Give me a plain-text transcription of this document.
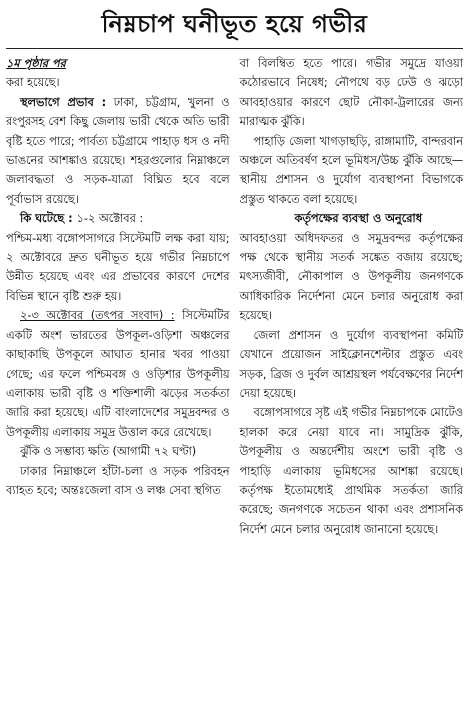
নিম্নচাপ ঘনীভূত হয়ে গভীর

১ম পৃষ্ঠার পর
করা হয়েছে।

স্থলভাগে প্রভাব : ঢাকা, চট্টগ্রাম, খুলনা ও রংপুরসহ বেশ কিছু জেলায় ভারী থেকে অতি ভারী বৃষ্টি হতে পারে; পার্বত্য চট্টগ্রামে পাহাড় ধস ও নদী ভাঙনের আশঙ্কাও রয়েছে। শহরগুলোর নিম্নাঞ্চলে জলাবদ্ধতা ও সড়ক-যাত্রা বিঘ্নিত হবে বলে পূর্বাভাস রয়েছে।

কি ঘটেছে : ১-২ অক্টোবর :

পশ্চিম-মধ্য বঙ্গোপসাগরে সিস্টেমটি লক্ষ করা যায়; ২ অক্টোবরে দ্রুত ঘনীভূত হয়ে গভীর নিম্নচাপে উন্নীত হয়েছে এবং এর প্রভাবের কারণে দেশের বিভিন্ন স্থানে বৃষ্টি শুরু হয়।

২-৩ অক্টোবর (তৎপর সংবাদ) : সিস্টেমটির একটি অংশ ভারতের উপকূল-ওড়িশা অঞ্চলের কাছাকাছি উপকূলে আঘাত হানার খবর পাওয়া গেছে; এর ফলে পশ্চিমবঙ্গ ও ওড়িশার উপকূলীয় এলাকায় ভারী বৃষ্টি ও শক্তিশালী ঝড়ের সতর্কতা জারি করা হয়েছে। এটি বাংলাদেশের সমুদ্রবন্দর ও উপকূলীয় এলাকায় সমুদ্র উত্তাল করে রেখেছে।

ঝুঁকি ও সম্ভাব্য ক্ষতি (আগামী ৭২ ঘণ্টা)

ঢাকার নিম্নাঞ্চলে হাঁটা-চলা ও সড়ক পরিবহন ব্যাহত হবে; অন্তঃজেলা বাস ও লঞ্চ সেবা স্থগিত

বা বিলম্বিত হতে পারে। গভীর সমুদ্রে যাওয়া কঠোরভাবে নিষেধ; নৌপথে বড় ঢেউ ও ঝড়ো আবহাওয়ার কারণে ছোট নৌকা-ট্রলারের জন্য মারাত্মক ঝুঁকি।

পাহাড়ি জেলা খাগড়াছড়ি, রাঙ্গামাটি, বান্দরবান অঞ্চলে অতিবর্ষণ হলে ভূমিধস/উচ্চ ঝুঁকি আছে— স্থানীয় প্রশাসন ও দুর্যোগ ব্যবস্থাপনা বিভাগকে প্রস্তুত থাকতে বলা হয়েছে।

কর্তৃপক্ষের ব্যবস্থা ও অনুরোধ

আবহাওয়া অধিদফতর ও সমুদ্রবন্দর কর্তৃপক্ষের পক্ষ থেকে স্থানীয় সতর্ক সঙ্কেত বজায় রয়েছে; মৎস্যজীবী, নৌকাপাল ও উপকূলীয় জনগণকে আধিকারিক নির্দেশনা মেনে চলার অনুরোধ করা হয়েছে।

জেলা প্রশাসন ও দুর্যোগ ব্যবস্থাপনা কমিটি যেখানে প্রয়োজন সাইক্লোনশেল্টার প্রস্তুত এবং সড়ক, ব্রিজ ও দুর্বল আশ্রয়স্থল পর্যবেক্ষণের নির্দেশ দেয়া হয়েছে।

বঙ্গোপসাগরে সৃষ্ট এই গভীর নিম্নচাপকে মোটেও হালকা করে নেয়া যাবে না। সামুদ্রিক ঝুঁকি, উপকূলীয় ও অন্তর্দেশীয় অংশে ভারী বৃষ্টি ও পাহাড়ি এলাকায় ভূমিধসের আশঙ্কা রয়েছে। কর্তৃপক্ষ ইতোমধ্যেই প্রাথমিক সতর্কতা জারি করেছে; জনগণকে সচেতন থাকা এবং প্রশাসনিক নির্দেশ মেনে চলার অনুরোধ জানানো হয়েছে।
